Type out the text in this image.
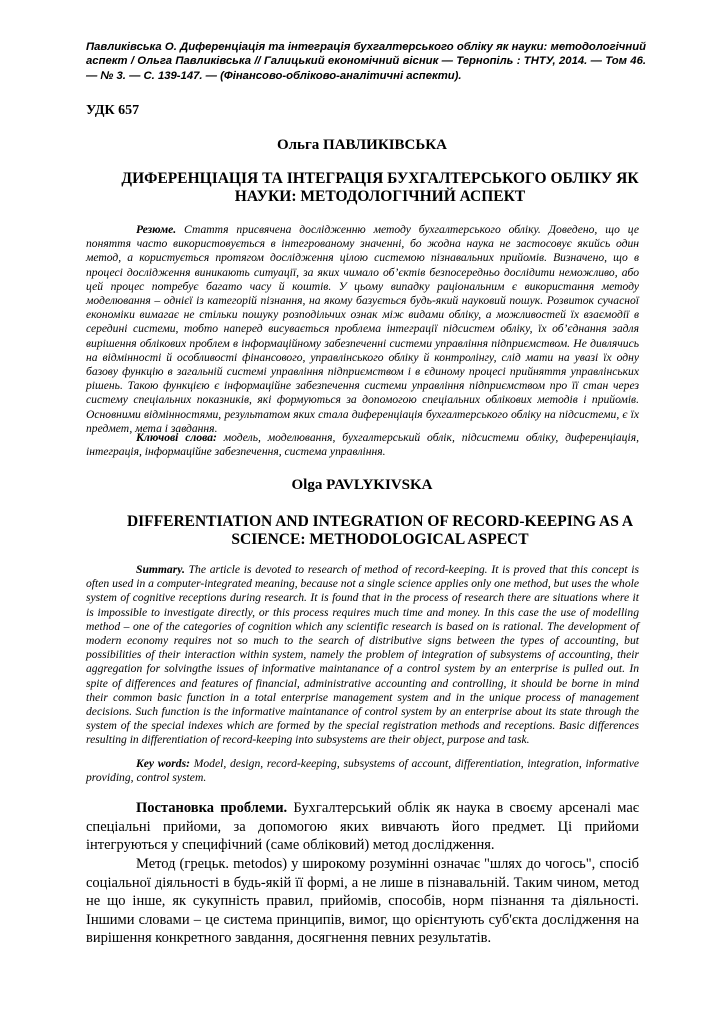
Павликівська О. Диференціація та інтеграція бухгалтерського обліку як науки: методологічний аспект / Ольга Павликівська // Галицький економічний вісник — Тернопіль : ТНТУ, 2014. — Том 46. — № 3. — С. 139-147. — (Фінансово-обліково-аналітичні аспекти).
УДК 657
Ольга ПАВЛИКІВСЬКА
ДИФЕРЕНЦІАЦІЯ ТА ІНТЕГРАЦІЯ БУХГАЛТЕРСЬКОГО ОБЛІКУ ЯК НАУКИ: МЕТОДОЛОГІЧНИЙ АСПЕКТ
Резюме. Стаття присвячена дослідженню методу бухгалтерського обліку. Доведено, що це поняття часто використовується в інтегрованому значенні, бо жодна наука не застосовує якийсь один метод, а користується протягом дослідження цілою системою пізнавальних прийомів. Визначено, що в процесі дослідження виникають ситуації, за яких чимало об’єктів безпосередньо дослідити неможливо, або цей процес потребує багато часу й коштів. У цьому випадку раціональним є використання методу моделювання – однієї із категорій пізнання, на якому базується будь-який науковий пошук. Розвиток сучасної економіки вимагає не стільки пошуку розподільчих ознак між видами обліку, а можливостей їх взаємодії в середині системи, тобто наперед висувається проблема інтеграції підсистем обліку, їх об’єднання задля вирішення облікових проблем в інформаційному забезпеченні системи управління підприємством. Не дивлячись на відмінності й особливості фінансового, управлінського обліку й контролінгу, слід мати на увазі їх одну базову функцію в загальній системі управління підприємством і в єдиному процесі прийняття управлінських рішень. Такою функцією є інформаційне забезпечення системи управління підприємством про її стан через систему спеціальних показників, які формуються за допомогою спеціальних облікових методів і прийомів. Основними відмінностями, результатом яких стала диференціація бухгалтерського обліку на підсистеми, є їх предмет, мета і завдання.
Ключові слова: модель, моделювання, бухгалтерський облік, підсистеми обліку, диференціація, інтеграція, інформаційне забезпечення, система управління.
Olga PAVLYKIVSKA
DIFFERENTIATION AND INTEGRATION OF RECORD-KEEPING AS A SCIENCE: METHODOLOGICAL ASPECT
Summary. The article is devoted to research of method of record-keeping. It is proved that this concept is often used in a computer-integrated meaning, because not a single science applies only one method, but uses the whole system of cognitive receptions during research. It is found that in the process of research there are situations where it is impossible to investigate directly, or this process requires much time and money. In this case the use of modelling method – one of the categories of cognition which any scientific research is based on is rational. The development of modern economy requires not so much to the search of distributive signs between the types of accounting, but possibilities of their interaction within system, namely the problem of integration of subsystems of accounting, their aggregation for solvingthe issues of informative maintanance of a control system by an enterprise is pulled out. In spite of differences and features of financial, administrative accounting and controlling, it should be borne in mind their common basic function in a total enterprise management system and in the unique process of management decisions. Such function is the informative maintanance of control system by an enterprise about its state through the system of the special indexes which are formed by the special registration methods and receptions. Basic differences resulting in differentiation of record-keeping into subsystems are their object, purpose and task.
Key words: Model, design, record-keeping, subsystems of account, differentiation, integration, informative providing, control system.

Постановка проблеми. Бухгалтерський облік як наука в своєму арсеналі має спеціальні прийоми, за допомогою яких вивчають його предмет. Ці прийоми інтегруються у специфічний (саме обліковий) метод дослідження.

Метод (грецьк. metodos) у широкому розумінні означає "шлях до чогось", спосіб соціальної діяльності в будь-якій її формі, а не лише в пізнавальній. Таким чином, метод не що інше, як сукупність правил, прийомів, способів, норм пізнання та діяльності. Іншими словами – це система принципів, вимог, що орієнтують суб'єкта дослідження на вирішення конкретного завдання, досягнення певних результатів.
